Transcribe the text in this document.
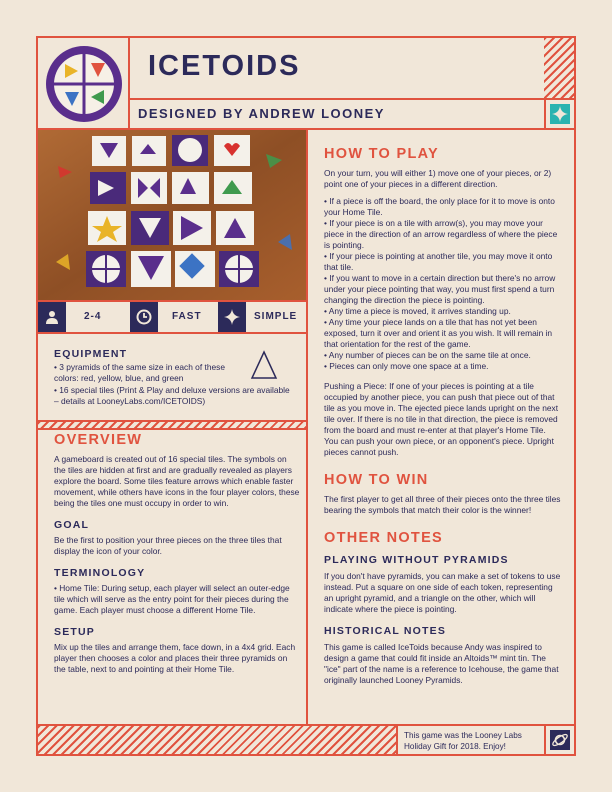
ICETOIDS
DESIGNED BY ANDREW LOONEY
2-4	FAST	SIMPLE
EQUIPMENT
• 3 pyramids of the same size in each of these colors: red, yellow, blue, and green
• 16 special tiles (Print & Play and deluxe versions are available – details at LooneyLabs.com/ICETOIDS)
OVERVIEW
A gameboard is created out of 16 special tiles. The symbols on the tiles are hidden at first and are gradually revealed as players explore the board. Some tiles feature arrows which enable faster movement, while others have icons in the four player colors, these being the tiles one must occupy in order to win.
GOAL
Be the first to position your three pieces on the three tiles that display the icon of your color.
TERMINOLOGY
• Home Tile: During setup, each player will select an outer-edge tile which will serve as the entry point for their pieces during the game. Each player must choose a different Home Tile.
SETUP
Mix up the tiles and arrange them, face down, in a 4x4 grid. Each player then chooses a color and places their three pyramids on the table, next to and pointing at their Home Tile.
HOW TO PLAY
On your turn, you will either 1) move one of your pieces, or 2) point one of your pieces in a different direction.
• If a piece is off the board, the only place for it to move is onto your Home Tile.
• If your piece is on a tile with arrow(s), you may move your piece in the direction of an arrow regardless of where the piece is pointing.
• If your piece is pointing at another tile, you may move it onto that tile.
• If you want to move in a certain direction but there's no arrow under your piece pointing that way, you must first spend a turn changing the direction the piece is pointing.
• Any time a piece is moved, it arrives standing up.
• Any time your piece lands on a tile that has not yet been exposed, turn it over and orient it as you wish. It will remain in that orientation for the rest of the game.
• Any number of pieces can be on the same tile at once.
• Pieces can only move one space at a time.
Pushing a Piece: If one of your pieces is pointing at a tile occupied by another piece, you can push that piece out of that tile as you move in. The ejected piece lands upright on the next tile over. If there is no tile in that direction, the piece is removed from the board and must re-enter at that player's Home Tile. You can push your own piece, or an opponent's piece. Upright pieces cannot push.
HOW TO WIN
The first player to get all three of their pieces onto the three tiles bearing the symbols that match their color is the winner!
OTHER NOTES
PLAYING WITHOUT PYRAMIDS
If you don't have pyramids, you can make a set of tokens to use instead. Put a square on one side of each token, representing an upright pyramid, and a triangle on the other, which will indicate where the piece is pointing.
HISTORICAL NOTES
This game is called IceToids because Andy was inspired to design a game that could fit inside an Altoids™ mint tin. The "ice" part of the name is a reference to Icehouse, the game that originally launched Looney Pyramids.
This game was the Looney Labs Holiday Gift for 2018. Enjoy!
